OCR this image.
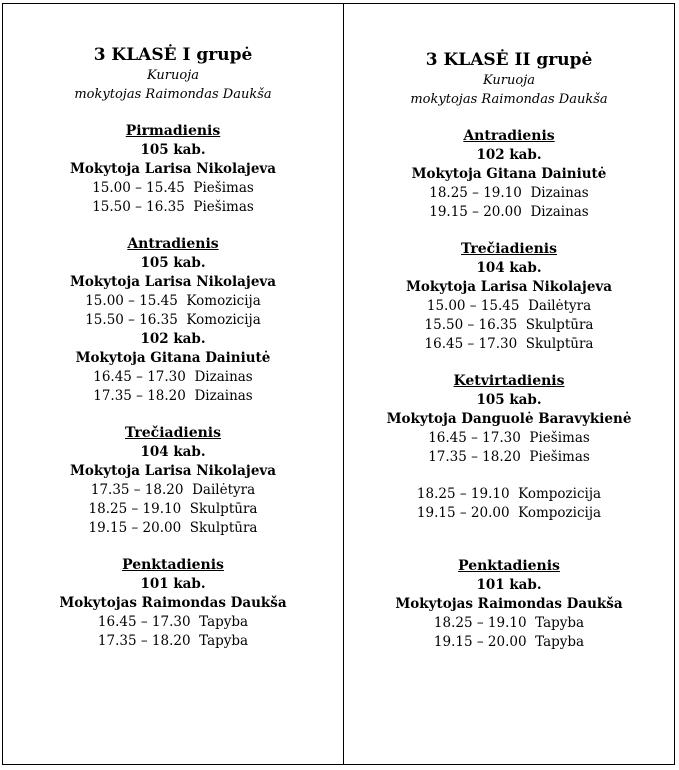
3 KLASĖ I grupė
Kuruoja
mokytojas Raimondas Daukša
Pirmadienis
105 kab.
Mokytoja Larisa Nikolajeva
15.00 – 15.45  Piešimas
15.50 – 16.35  Piešimas
Antradienis
105 kab.
Mokytoja Larisa Nikolajeva
15.00 – 15.45  Komozicija
15.50 – 16.35  Komozicija
102 kab.
Mokytoja Gitana Dainiutė
16.45 – 17.30  Dizainas
17.35 – 18.20  Dizainas
Trečiadienis
104 kab.
Mokytoja Larisa Nikolajeva
17.35 – 18.20  Dailėtyra
18.25 – 19.10  Skulptūra
19.15 – 20.00  Skulptūra
Penktadienis
101 kab.
Mokytojas Raimondas Daukša
16.45 – 17.30  Tapyba
17.35 – 18.20  Tapyba
3 KLASĖ II grupė
Kuruoja
mokytojas Raimondas Daukša
Antradienis
102 kab.
Mokytoja Gitana Dainiutė
18.25 – 19.10  Dizainas
19.15 – 20.00  Dizainas
Trečiadienis
104 kab.
Mokytoja Larisa Nikolajeva
15.00 – 15.45  Dailėtyra
15.50 – 16.35  Skulptūra
16.45 – 17.30  Skulptūra
Ketvirtadienis
105 kab.
Mokytoja Danguolė Baravykienė
16.45 – 17.30  Piešimas
17.35 – 18.20  Piešimas
18.25 – 19.10  Kompozicija
19.15 – 20.00  Kompozicija
Penktadienis
101 kab.
Mokytojas Raimondas Daukša
18.25 – 19.10  Tapyba
19.15 – 20.00  Tapyba
